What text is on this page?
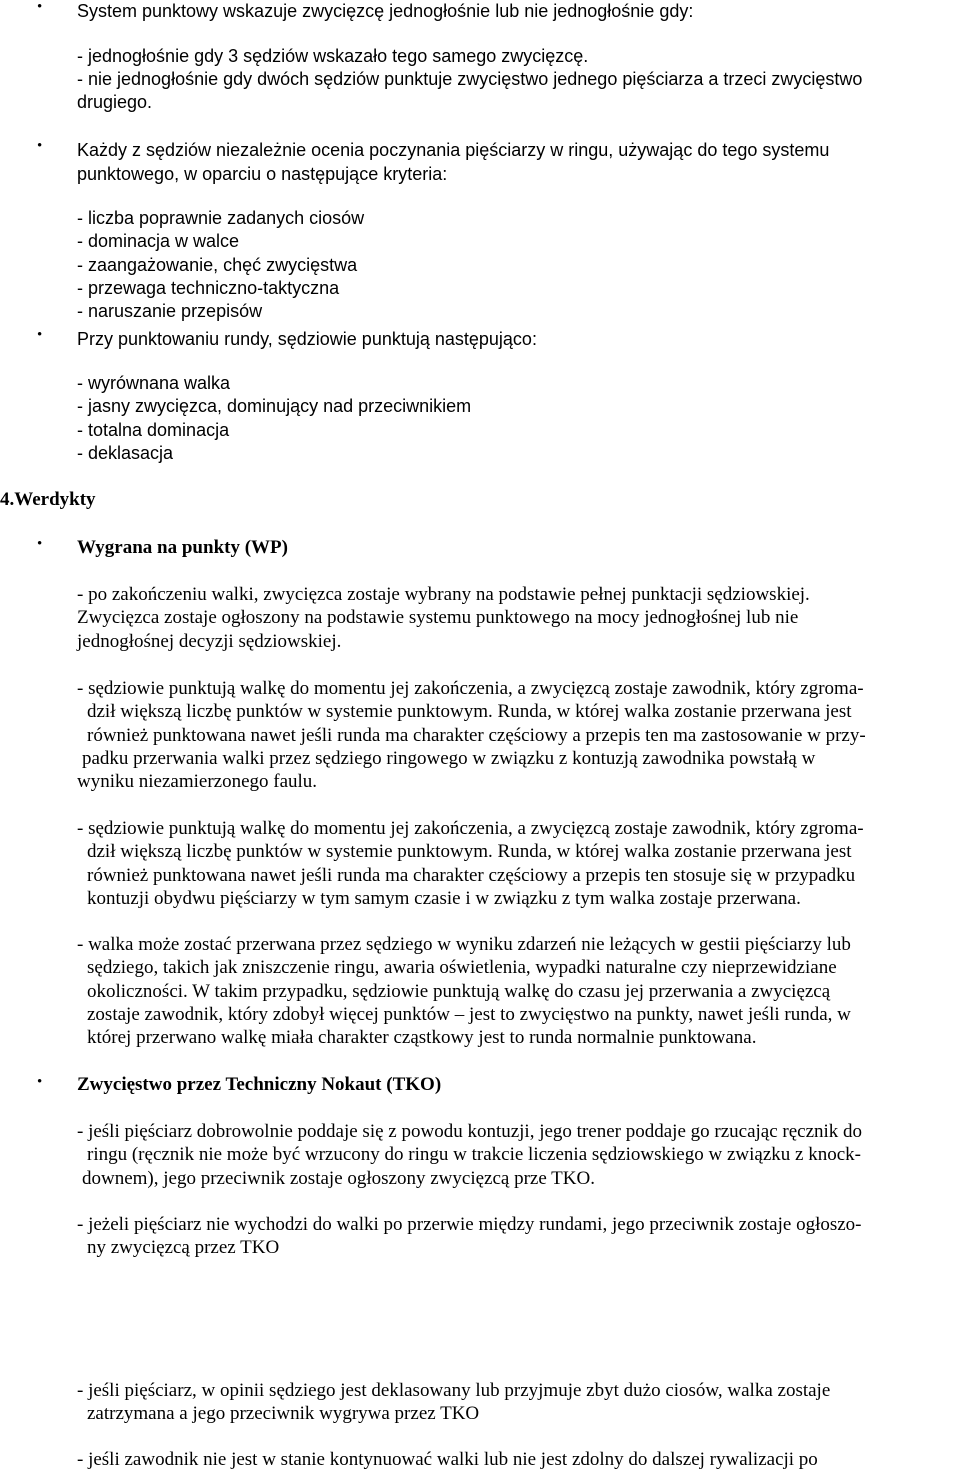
• System punktowy wskazuje zwycięzcę jednogłośnie lub nie jednogłośnie gdy:
- jednogłośnie gdy 3 sędziów wskazało tego samego zwycięzcę.
- nie jednogłośnie gdy dwóch sędziów punktuje zwycięstwo jednego pięściarza a trzeci zwycięstwo
drugiego.
• Każdy z sędziów niezależnie ocenia poczynania pięściarzy w ringu, używając do tego systemu
punktowego, w oparciu o następujące kryteria:
- liczba poprawnie zadanych ciosów
- dominacja w walce
- zaangażowanie, chęć zwycięstwa
- przewaga techniczno-taktyczna
- naruszanie przepisów
• Przy punktowaniu rundy, sędziowie punktują następująco:
- wyrównana walka
- jasny zwycięzca, dominujący nad przeciwnikiem
- totalna dominacja
- deklasacja
4.Werdykty
• Wygrana na punkty (WP)
- po zakończeniu walki, zwycięzca zostaje wybrany na podstawie pełnej punktacji sędziowskiej.
Zwycięzca zostaje ogłoszony na podstawie systemu punktowego na mocy jednogłośnej lub nie
jednogłośnej decyzji sędziowskiej.
- sędziowie punktują walkę do momentu jej zakończenia, a zwycięzcą zostaje zawodnik, który zgroma-
dził większą liczbę punktów w systemie punktowym. Runda, w której walka zostanie przerwana jest
również punktowana nawet jeśli runda ma charakter częściowy a przepis ten ma zastosowanie w przy-
padku przerwania walki przez sędziego ringowego w związku z kontuzją zawodnika powstałą w
wyniku niezamierzonego faulu.
- sędziowie punktują walkę do momentu jej zakończenia, a zwycięzcą zostaje zawodnik, który zgroma-
dził większą liczbę punktów w systemie punktowym. Runda, w której walka zostanie przerwana jest
również punktowana nawet jeśli runda ma charakter częściowy a przepis ten stosuje się w przypadku
kontuzji obydwu pięściarzy w tym samym czasie i w związku z tym walka zostaje przerwana.
- walka może zostać przerwana przez sędziego w wyniku zdarzeń nie leżących w gestii pięściarzy lub
sędziego, takich jak zniszczenie ringu, awaria oświetlenia, wypadki naturalne czy nieprzewidziane
okoliczności. W takim przypadku, sędziowie punktują walkę do czasu jej przerwania a zwycięzcą
zostaje zawodnik, który zdobył więcej punktów – jest to zwycięstwo na punkty, nawet jeśli runda, w
której przerwano walkę miała charakter cząstkowy jest to runda normalnie punktowana.
• Zwycięstwo przez Techniczny Nokaut (TKO)
- jeśli pięściarz dobrowolnie poddaje się z powodu kontuzji, jego trener poddaje go rzucając ręcznik do
ringu (ręcznik nie może być wrzucony do ringu w trakcie liczenia sędziowskiego w związku z knock-
downem), jego przeciwnik zostaje ogłoszony zwycięzcą prze TKO.
- jeżeli pięściarz nie wychodzi do walki po przerwie między rundami, jego przeciwnik zostaje ogłoszo-
ny zwycięzcą przez TKO
- jeśli pięściarz, w opinii sędziego jest deklasowany lub przyjmuje zbyt dużo ciosów, walka zostaje
zatrzymana a jego przeciwnik wygrywa przez TKO
- jeśli zawodnik nie jest w stanie kontynuować walki lub nie jest zdolny do dalszej rywalizacji po
